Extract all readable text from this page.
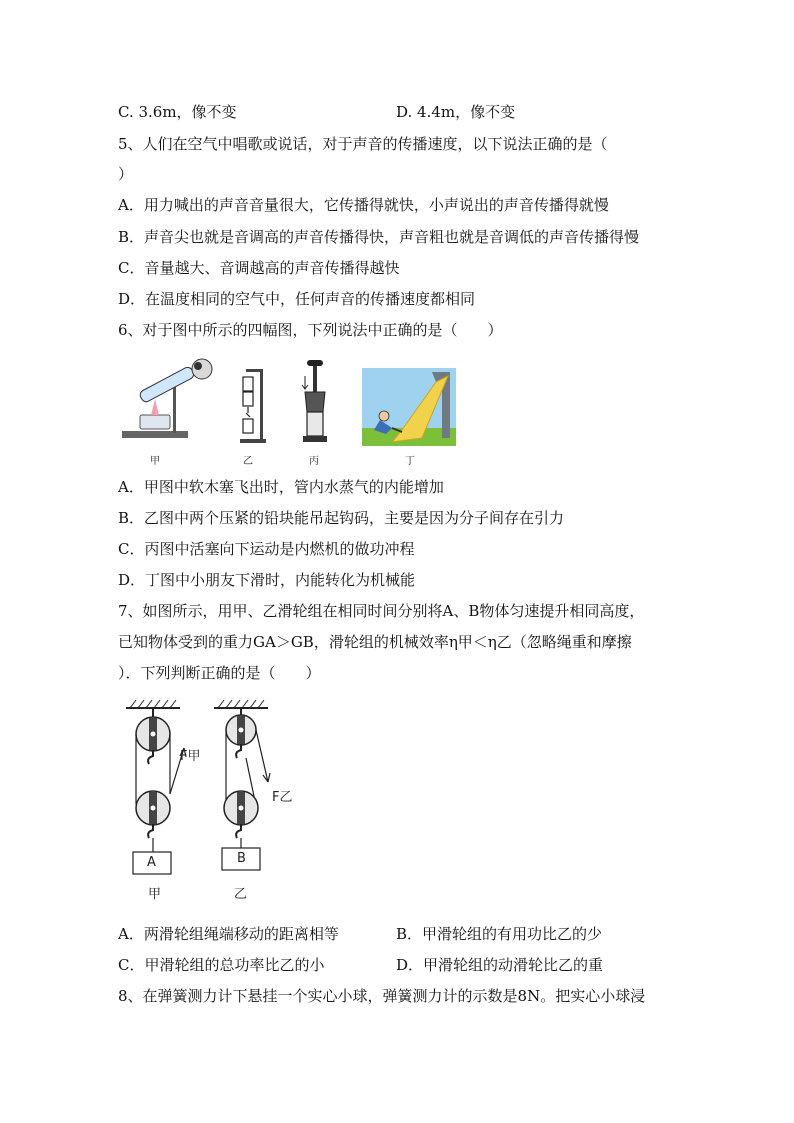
C. 3.6m，像不变	D. 4.4m，像不变
5、人们在空气中唱歌或说话，对于声音的传播速度，以下说法正确的是（
）
A．用力喊出的声音音量很大，它传播得就快，小声说出的声音传播得就慢
B．声音尖也就是音调高的声音传播得快，声音粗也就是音调低的声音传播得慢
C．音量越大、音调越高的声音传播得越快
D．在温度相同的空气中，任何声音的传播速度都相同
6、对于图中所示的四幅图，下列说法中正确的是（　　）
甲	乙	丙	丁
A．甲图中软木塞飞出时，管内水蒸气的内能增加
B．乙图中两个压紧的铅块能吊起钩码，主要是因为分子间存在引力
C．丙图中活塞向下运动是内燃机的做功冲程
D．丁图中小朋友下滑时，内能转化为机械能
7、如图所示，用甲、乙滑轮组在相同时间分别将A、B物体匀速提升相同高度，
已知物体受到的重力GA＞GB，滑轮组的机械效率η甲＜η乙（忽略绳重和摩擦
）．下列判断正确的是（　　）
F甲
F乙
A	B
甲	乙
A．两滑轮组绳端移动的距离相等	B．甲滑轮组的有用功比乙的少
C．甲滑轮组的总功率比乙的小	D．甲滑轮组的动滑轮比乙的重
8、在弹簧测力计下悬挂一个实心小球，弹簧测力计的示数是8N。把实心小球浸
